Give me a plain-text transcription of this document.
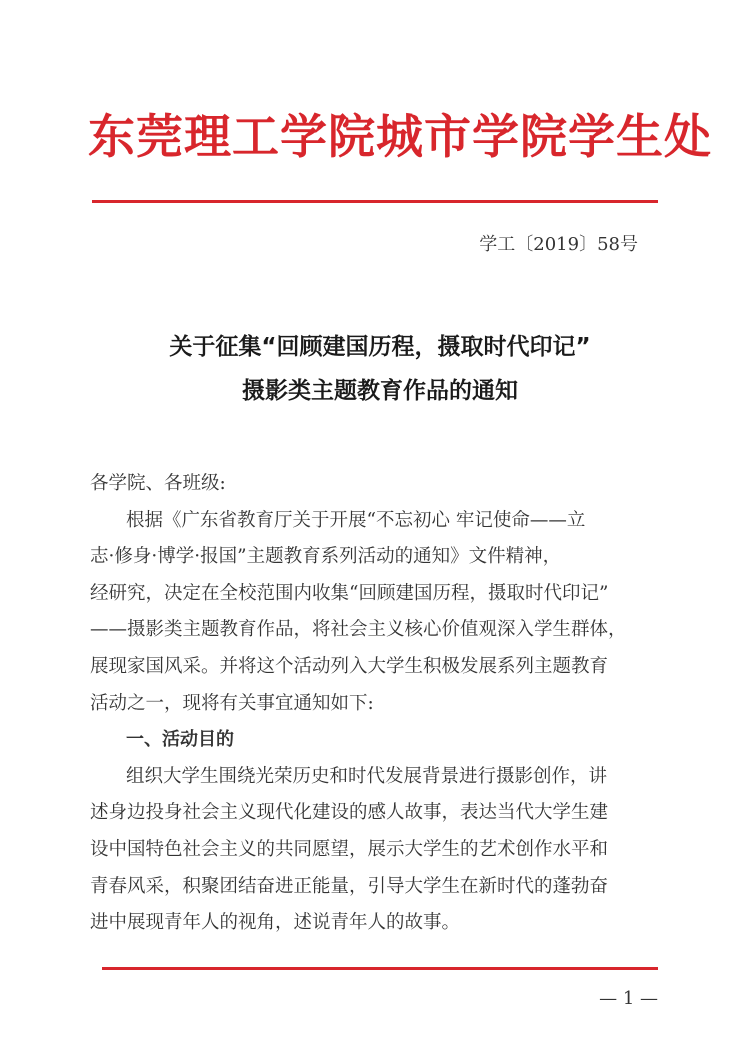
东莞理工学院城市学院学生处
学工〔2019〕58号
关于征集“回顾建国历程，摄取时代印记”
摄影类主题教育作品的通知
各学院、各班级:
根据《广东省教育厅关于开展“不忘初心 牢记使命——立
志·修身·博学·报国”主题教育系列活动的通知》文件精神，
经研究，决定在全校范围内收集“回顾建国历程，摄取时代印记”
——摄影类主题教育作品，将社会主义核心价值观深入学生群体，
展现家国风采。并将这个活动列入大学生积极发展系列主题教育
活动之一，现将有关事宜通知如下:
一、活动目的
组织大学生围绕光荣历史和时代发展背景进行摄影创作，讲
述身边投身社会主义现代化建设的感人故事，表达当代大学生建
设中国特色社会主义的共同愿望，展示大学生的艺术创作水平和
青春风采，积聚团结奋进正能量，引导大学生在新时代的蓬勃奋
进中展现青年人的视角，述说青年人的故事。
— 1 —
